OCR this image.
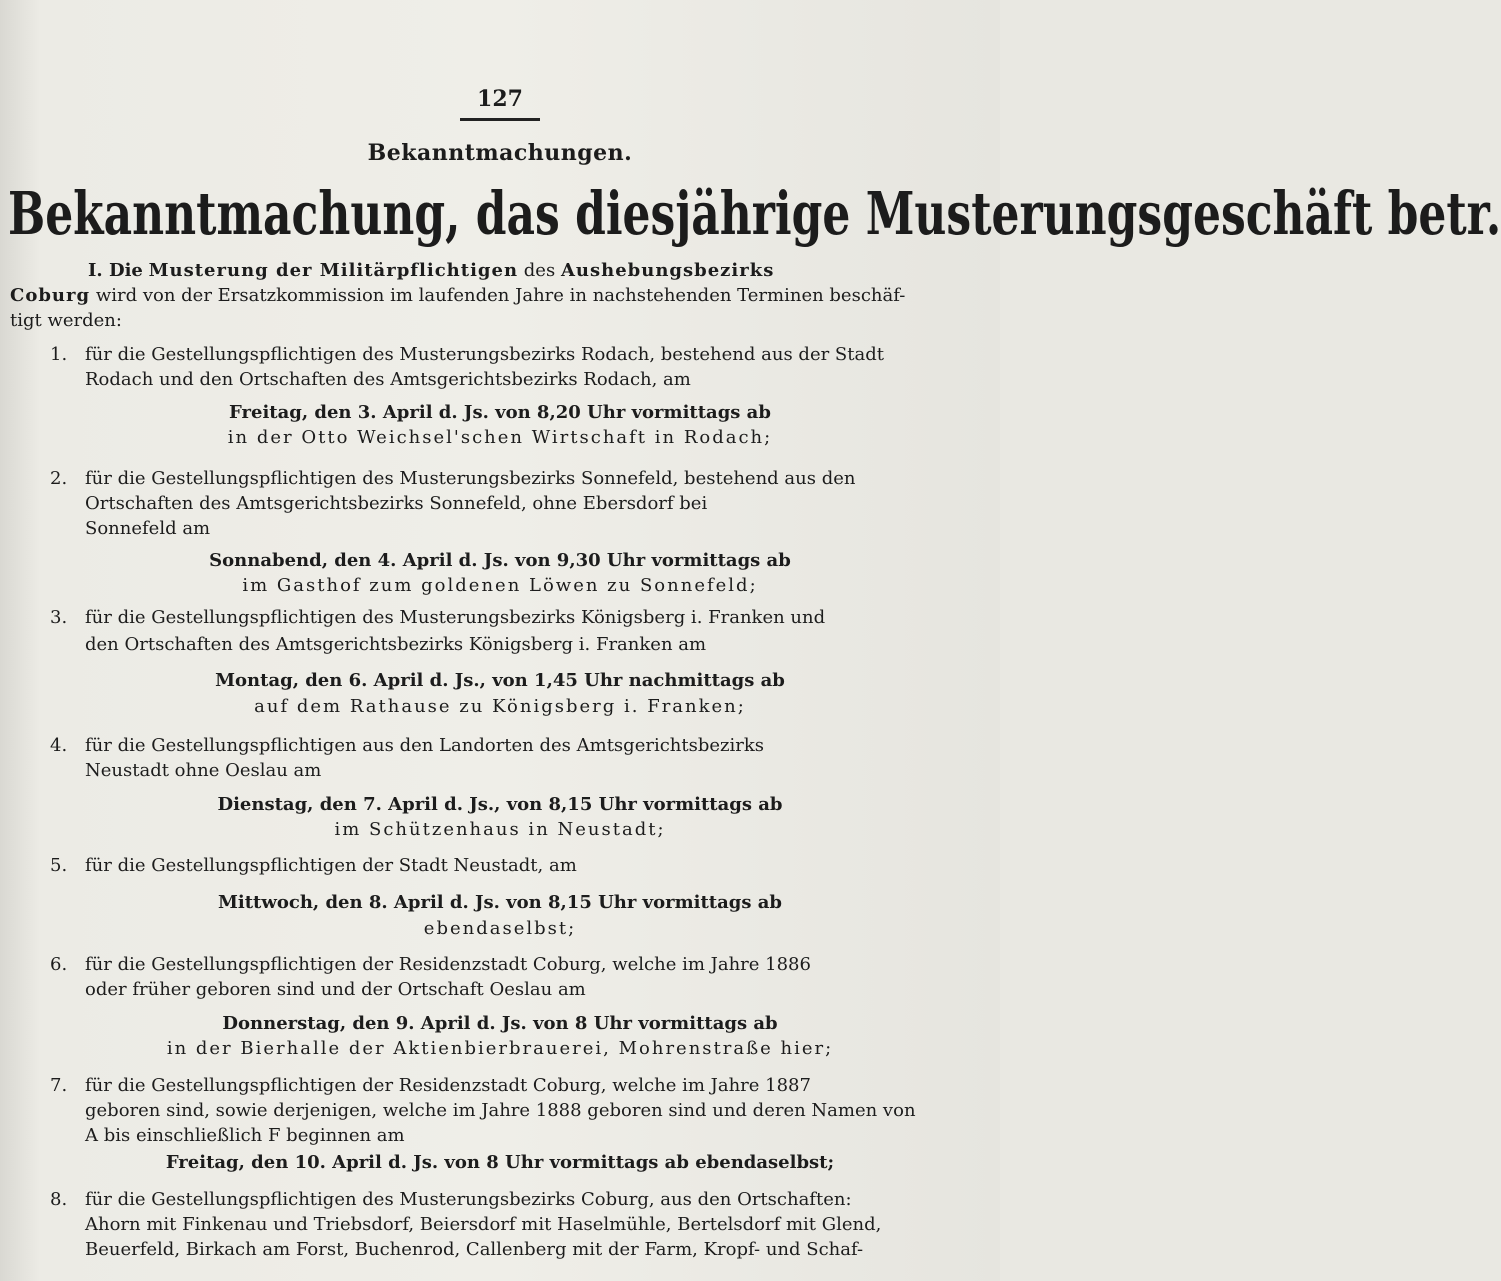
127
Bekanntmachungen.
Bekanntmachung, das diesjährige Musterungsgeschäft betr.
I. Die Musterung der Militärpflichtigen des Aushebungsbezirks
Coburg wird von der Ersatzkommission im laufenden Jahre in nachstehenden Terminen beschäf-
tigt werden:
1. für die Gestellungspflichtigen des Musterungsbezirks Rodach, bestehend aus der Stadt
Rodach und den Ortschaften des Amtsgerichtsbezirks Rodach, am
Freitag, den 3. April d. Js. von 8,20 Uhr vormittags ab
in der Otto Weichsel'schen Wirtschaft in Rodach;
2. für die Gestellungspflichtigen des Musterungsbezirks Sonnefeld, bestehend aus den
Ortschaften des Amtsgerichtsbezirks Sonnefeld, ohne Ebersdorf bei
Sonnefeld am
Sonnabend, den 4. April d. Js. von 9,30 Uhr vormittags ab
im Gasthof zum goldenen Löwen zu Sonnefeld;
3. für die Gestellungspflichtigen des Musterungsbezirks Königsberg i. Franken und
den Ortschaften des Amtsgerichtsbezirks Königsberg i. Franken am
Montag, den 6. April d. Js., von 1,45 Uhr nachmittags ab
auf dem Rathause zu Königsberg i. Franken;
4. für die Gestellungspflichtigen aus den Landorten des Amtsgerichtsbezirks
Neustadt ohne Oeslau am
Dienstag, den 7. April d. Js., von 8,15 Uhr vormittags ab
im Schützenhaus in Neustadt;
5. für die Gestellungspflichtigen der Stadt Neustadt, am
Mittwoch, den 8. April d. Js. von 8,15 Uhr vormittags ab
ebendaselbst;
6. für die Gestellungspflichtigen der Residenzstadt Coburg, welche im Jahre 1886
oder früher geboren sind und der Ortschaft Oeslau am
Donnerstag, den 9. April d. Js. von 8 Uhr vormittags ab
in der Bierhalle der Aktienbierbrauerei, Mohrenstraße hier;
7. für die Gestellungspflichtigen der Residenzstadt Coburg, welche im Jahre 1887
geboren sind, sowie derjenigen, welche im Jahre 1888 geboren sind und deren Namen von
A bis einschließlich F beginnen am
Freitag, den 10. April d. Js. von 8 Uhr vormittags ab ebendaselbst;
8. für die Gestellungspflichtigen des Musterungsbezirks Coburg, aus den Ortschaften:
Ahorn mit Finkenau und Triebsdorf, Beiersdorf mit Haselmühle, Bertelsdorf mit Glend,
Beuerfeld, Birkach am Forst, Buchenrod, Callenberg mit der Farm, Kropf- und Schaf-
